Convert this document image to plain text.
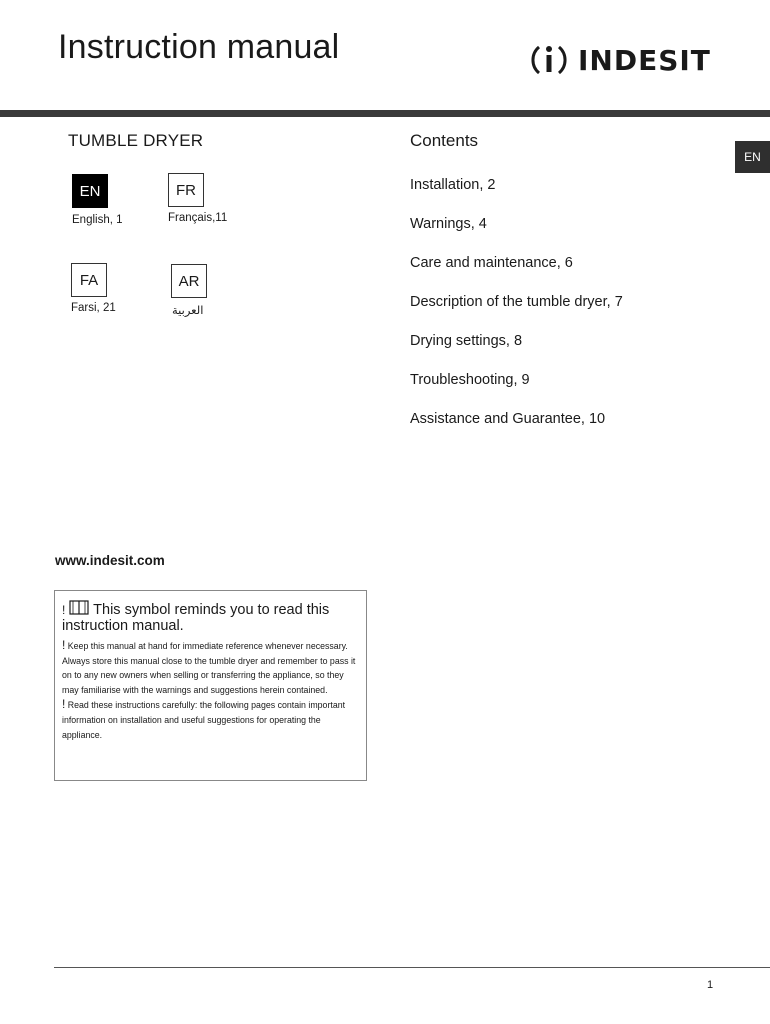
Instruction manual	INDESIT
TUMBLE DRYER
EN
English, 1
FR
Français,11
FA
Farsi, 21
AR
العربية
Contents
Installation, 2
Warnings, 4
Care and maintenance, 6
Description of the tumble dryer, 7
Drying settings, 8
Troubleshooting, 9
Assistance and Guarantee, 10
EN
www.indesit.com
! This symbol reminds you to read this instruction manual.
! Keep this manual at hand for immediate reference whenever necessary. Always store this manual close to the tumble dryer and remember to pass it on to any new owners when selling or transferring the appliance, so they may familiarise with the warnings and suggestions herein contained.
! Read these instructions carefully: the following pages contain important information on installation and useful suggestions for operating the appliance.
1
